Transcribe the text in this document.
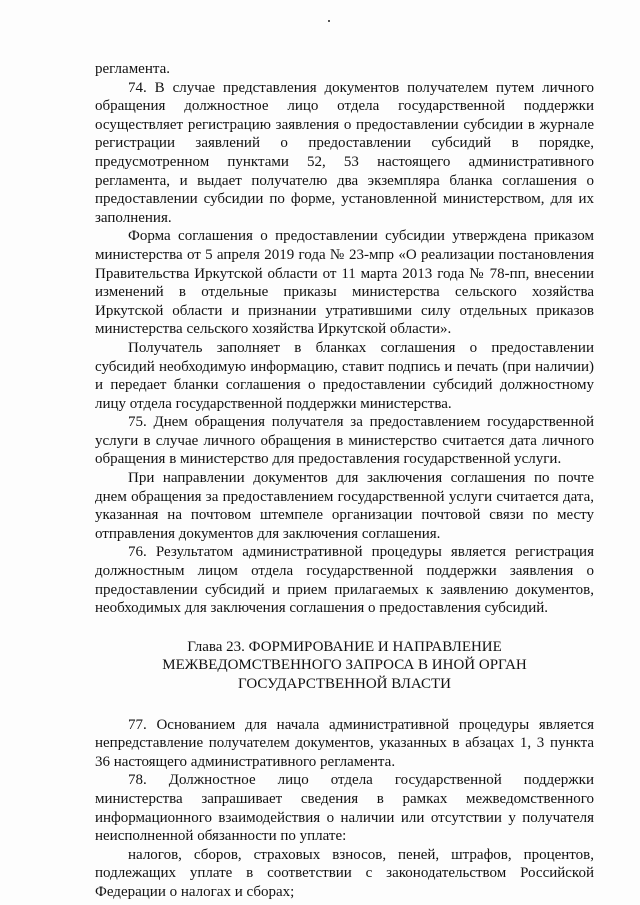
регламента.

74. В случае представления документов получателем путем личного обращения должностное лицо отдела государственной поддержки осуществляет регистрацию заявления о предоставлении субсидии в журнале регистрации заявлений о предоставлении субсидий в порядке, предусмотренном пунктами 52, 53 настоящего административного регламента, и выдает получателю два экземпляра бланка соглашения о предоставлении субсидии по форме, установленной министерством, для их заполнения.

Форма соглашения о предоставлении субсидии утверждена приказом министерства от 5 апреля 2019 года № 23-мпр «О реализации постановления Правительства Иркутской области от 11 марта 2013 года № 78-пп, внесении изменений в отдельные приказы министерства сельского хозяйства Иркутской области и признании утратившими силу отдельных приказов министерства сельского хозяйства Иркутской области».

Получатель заполняет в бланках соглашения о предоставлении субсидий необходимую информацию, ставит подпись и печать (при наличии) и передает бланки соглашения о предоставлении субсидий должностному лицу отдела государственной поддержки министерства.

75. Днем обращения получателя за предоставлением государственной услуги в случае личного обращения в министерство считается дата личного обращения в министерство для предоставления государственной услуги.

При направлении документов для заключения соглашения по почте днем обращения за предоставлением государственной услуги считается дата, указанная на почтовом штемпеле организации почтовой связи по месту отправления документов для заключения соглашения.

76. Результатом административной процедуры является регистрация должностным лицом отдела государственной поддержки заявления о предоставлении субсидий и прием прилагаемых к заявлению документов, необходимых для заключения соглашения о предоставления субсидий.

Глава 23. ФОРМИРОВАНИЕ И НАПРАВЛЕНИЕ
МЕЖВЕДОМСТВЕННОГО ЗАПРОСА В ИНОЙ ОРГАН
ГОСУДАРСТВЕННОЙ ВЛАСТИ

77. Основанием для начала административной процедуры является непредставление получателем документов, указанных в абзацах 1, 3 пункта 36 настоящего административного регламента.

78. Должностное лицо отдела государственной поддержки министерства запрашивает сведения в рамках межведомственного информационного взаимодействия о наличии или отсутствии у получателя неисполненной обязанности по уплате:

налогов, сборов, страховых взносов, пеней, штрафов, процентов, подлежащих уплате в соответствии с законодательством Российской Федерации о налогах и сборах;
